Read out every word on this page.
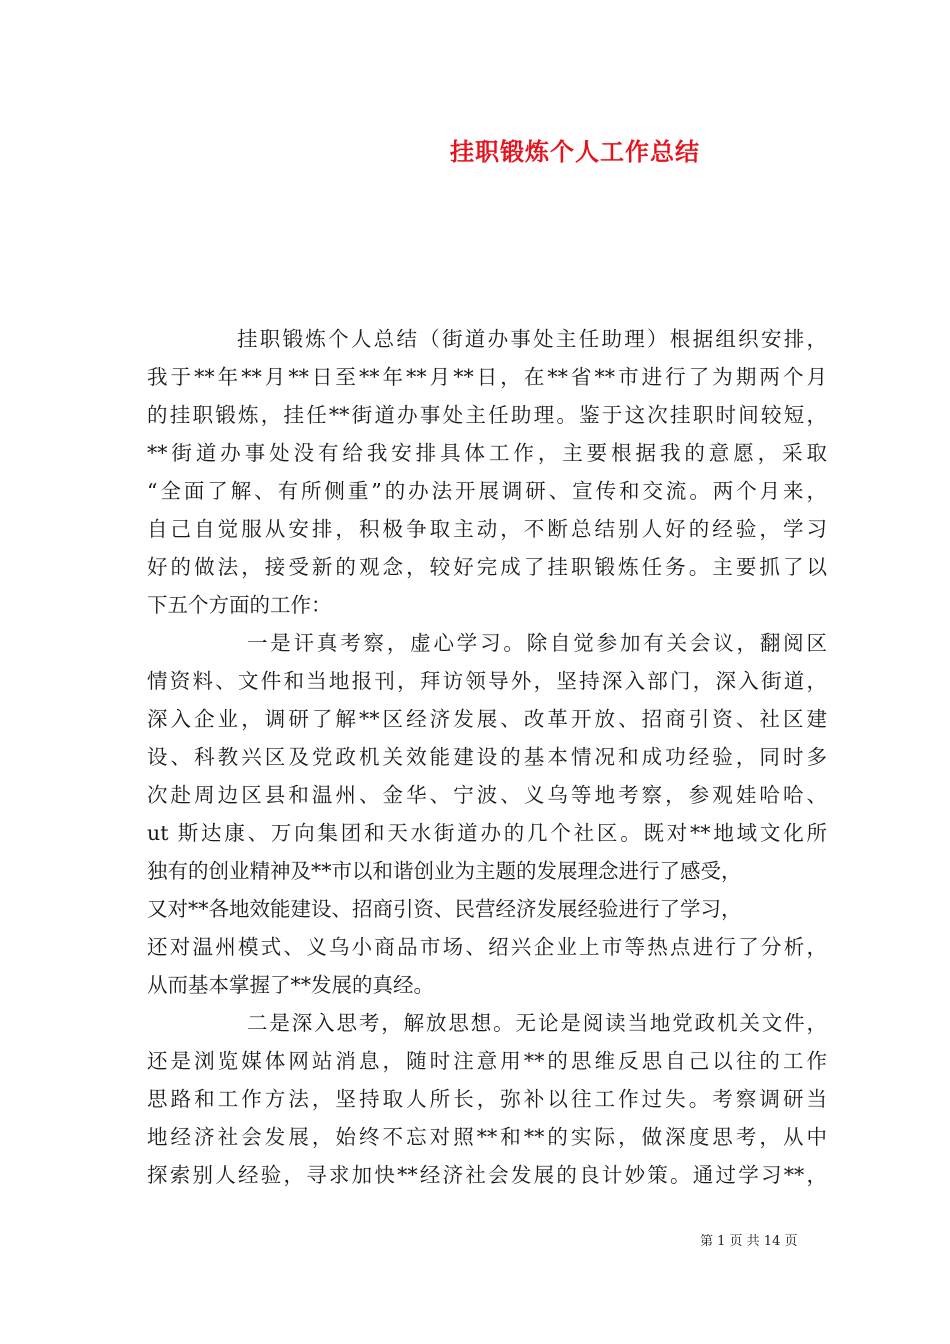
挂职锻炼个人工作总结
挂职锻炼个人总结（街道办事处主任助理）根据组织安排，
我于**年**月**日至**年**月**日，在**省**市进行了为期两个月
的挂职锻炼，挂任**街道办事处主任助理。鉴于这次挂职时间较短，
**街道办事处没有给我安排具体工作，主要根据我的意愿，采取
“全面了解、有所侧重”的办法开展调研、宣传和交流。两个月来，
自己自觉服从安排，积极争取主动，不断总结别人好的经验，学习
好的做法，接受新的观念，较好完成了挂职锻炼任务。主要抓了以
下五个方面的工作：
一是讦真考察，虚心学习。除自觉参加有关会议，翻阅区
情资料、文件和当地报刊，拜访领导外，坚持深入部门，深入街道，
深入企业，调研了解**区经济发展、改革开放、招商引资、社区建
设、科教兴区及党政机关效能建设的基本情况和成功经验，同时多
次赴周边区县和温州、金华、宁波、义乌等地考察，参观娃哈哈、
ut 斯达康、万向集团和天水街道办的几个社区。既对**地域文化所
独有的创业精神及**市以和谐创业为主题的发展理念进行了感受，
又对**各地效能建设、招商引资、民营经济发展经验进行了学习，
还对温州模式、义乌小商品市场、绍兴企业上市等热点进行了分析，
从而基本掌握了**发展的真经。
二是深入思考，解放思想。无论是阅读当地党政机关文件，
还是浏览媒体网站消息，随时注意用**的思维反思自己以往的工作
思路和工作方法，坚持取人所长，弥补以往工作过失。考察调研当
地经济社会发展，始终不忘对照**和**的实际，做深度思考，从中
探索别人经验，寻求加快**经济社会发展的良计妙策。通过学习**，
第 1 页 共 14 页
